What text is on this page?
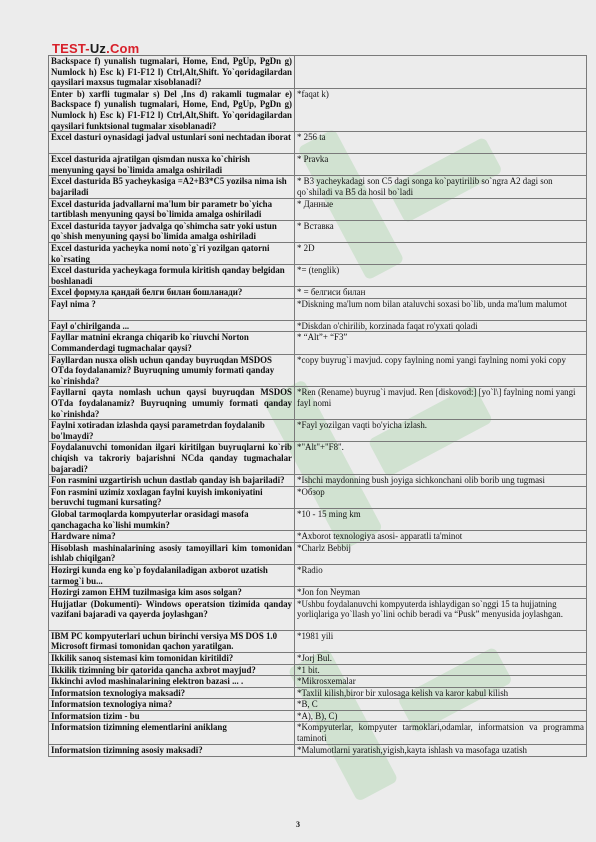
TEST-Uz.Com
Backspace f) yunalish tugmalari, Home, End, PgUp, PgDn g) Numlock h) Esc k) F1-F12 l) Ctrl,Alt,Shift. Yo`qoridagilardan qaysilari maxsus tugmalar xisoblanadi?	
Enter b) xarfli tugmalar s) Del ,Ins d) rakamli tugmalar e) Backspace f) yunalish tugmalari, Home, End, PgUp, PgDn g) Numlock h) Esc k) F1-F12 l) Ctrl,Alt,Shift. Yo`qoridagilardan qaysilari funktsional tugmalar xisoblanadi?	*faqat k)
Excel dasturi oynasidagi jadval ustunlari soni nechtadan iborat	* 256 ta
Excel dasturida ajratilgan qismdan nusxa ko`chirish menyuning qaysi bo`limida amalga oshiriladi	* Pravka
Excel dasturida B5 yacheykasiga =A2+B3*C5 yozilsa nima ish bajariladi	* B3 yacheykadagi son C5 dagi songa ko`paytirilib so`ngra A2 dagi son qo`shiladi va B5 da hosil bo`ladi
Excel dasturida jadvallarni ma'lum bir parametr bo`yicha tartiblash menyuning qaysi bo`limida amalga oshiriladi	* Данные
Excel dasturida tayyor jadvalga qo`shimcha satr yoki ustun qo`shish menyuning qaysi bo`limida amalga oshiriladi	* Вставка
Excel dasturida yacheyka nomi noto`g`ri yozilgan qatorni ko`rsating	* 2D
Excel dasturida yacheykaga formula kiritish qanday belgidan boshlanadi	*= (tenglik)
Excel формула қандай белги билан бошланади?	* = белгиси билан
Fayl nima ?	*Diskning ma'lum nom bilan ataluvchi soxasi bo`lib, unda ma'lum malumot
Fayl o'chirilganda ...	*Diskdan o'chirilib, korzinada faqat ro'yxati qoladi
Fayllar matnini ekranga chiqarib ko`riuvchi Norton Commanderdagi tugmachalar qaysi?	* “Alt”+ “F3”
Fayllardan nusxa olish uchun qanday buyruqdan MSDOS OTda foydalanamiz? Buyruqning umumiy formati qanday ko`rinishda?	*copy buyrug`i mavjud. copy faylning nomi yangi faylning nomi yoki copy
Fayllarni qayta nomlash uchun qaysi buyruqdan MSDOS OTda foydalanamiz? Buyruqning umumiy formati qanday ko`rinishda?	*Ren (Rename) buyrug`i mavjud. Ren [diskovod:] [yo`l\] faylning nomi yangi fayl nomi
Faylni xotiradan izlashda qaysi parametrdan foydalanib bo'lmaydi?	*Fayl yozilgan vaqti bo'yicha izlash.
Foydalanuvchi tomonidan ilgari kiritilgan buyruqlarni ko`rib chiqish va takroriy bajarishni NCda qanday tugmachalar bajaradi?	*"Alt"+"F8".
Fon rasmini uzgartirish uchun dastlab qanday ish bajariladi?	*Ishchi maydonning bush joyiga sichkonchani olib borib ung tugmasi
Fon rasmini uzimiz xoxlagan faylni kuyish imkoniyatini beruvchi tugmani kursating?	*Обзор
Global tarmoqlarda kompyuterlar orasidagi masofa qanchagacha ko`lishi mumkin?	*10 - 15 ming km
Hardware nima?	*Axborot texnologiya asosi- apparatli ta'minot
Hisoblash mashinalarining asosiy tamoyillari kim tomonidan ishlab chiqilgan?	*Charlz Bebbij
Hozirgi kunda eng ko`p foydalaniladigan axborot uzatish tarmog`i bu...	*Radio
Hozirgi zamon EHM tuzilmasiga kim asos solgan?	*Jon fon Neyman
Hujjatlar (Dokumenti)- Windows operatsion tizimida qanday vazifani bajaradi va qayerda joylashgan?	*Ushbu foydalanuvchi kompyuterda ishlaydigan so`nggi 15 ta hujjatning yorliqlariga yo`llash yo`lini ochib beradi va “Pusk” menyusida joylashgan.
IBM PC kompyuterlari uchun birinchi versiya MS DOS 1.0 Microsoft firmasi tomonidan qachon yaratilgan.	*1981 yili
Ikkilik sanoq sistemasi kim tomonidan kiritildi?	*Jorj Bul.
Ikkilik tizimning bir qatorida qancha axbrot mayjud?	*1 bit.
Ikkinchi avlod mashinalarining elektron bazasi ... .	*Mikrosxemalar
Informatsion texnologiya maksadi?	*Taxlil kilish,biror bir xulosaga kelish va karor kabul kilish
Informatsion texnologiya nima?	*B, C
Informatsion tizim - bu	*A), B), C)
Informatsion tizimning elementlarini aniklang	*Kompyuterlar, kompyuter tarmoklari,odamlar, informatsion va programma taminoti
Informatsion tizimning asosiy maksadi?	*Malumotlarni yaratish,yigish,kayta ishlash va masofaga uzatish
3
